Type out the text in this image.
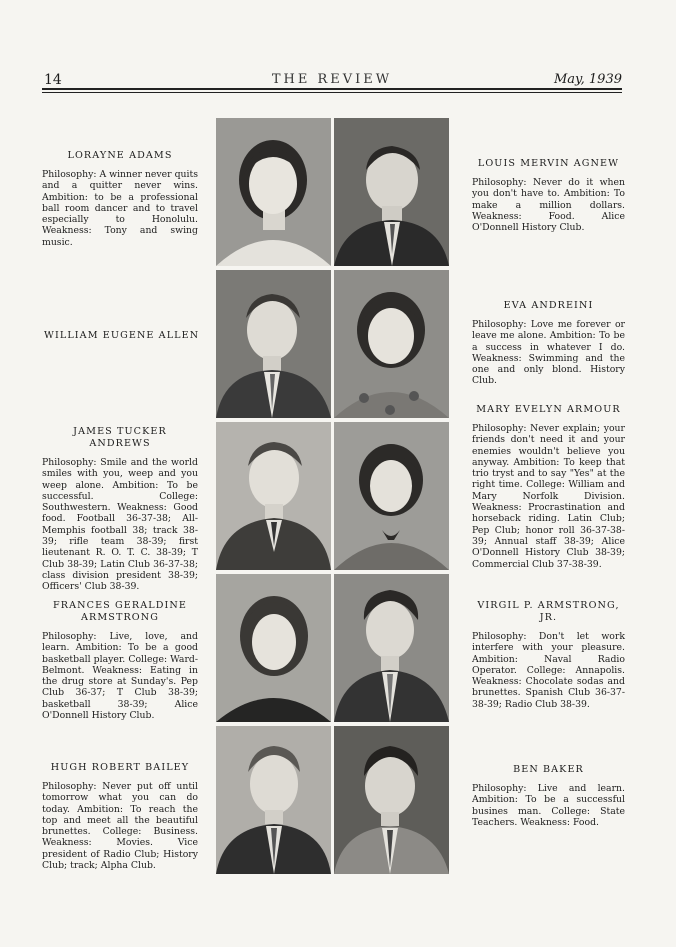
14	THE REVIEW	May, 1939
LORAYNE ADAMS

Philosophy: A winner never quits and a quitter never wins. Ambition: to be a professional ball room dancer and to travel especially to Honolulu. Weakness: Tony and swing music.

LOUIS MERVIN AGNEW

Philosophy: Never do it when you don't have to. Ambition: To make a million dollars. Weakness: Food. Alice O'Donnell History Club.

WILLIAM EUGENE ALLEN
EVA ANDREINI

Philosophy: Love me forever or leave me alone. Ambition: To be a success in whatever I do. Weakness: Swimming and the one and only blond. History Club.

JAMES TUCKER ANDREWS

Philosophy: Smile and the world smiles with you, weep and you weep alone. Ambition: To be successful. College: Southwestern. Weakness: Good food. Football 36-37-38; All-Memphis football 38; track 38-39; rifle team 38-39; first lieutenant R. O. T. C. 38-39; T Club 38-39; Latin Club 36-37-38; class division president 38-39; Officers' Club 38-39.

MARY EVELYN ARMOUR

Philosophy: Never explain; your friends don't need it and your enemies wouldn't believe you anyway. Ambition: To keep that trio tryst and to say "Yes" at the right time. College: William and Mary Norfolk Division. Weakness: Procrastination and horseback riding. Latin Club; Pep Club; honor roll 36-37-38-39; Annual staff 38-39; Alice O'Donnell History Club 38-39; Commercial Club 37-38-39.

FRANCES GERALDINE ARMSTRONG

Philosophy: Live, love, and learn. Ambition: To be a good basketball player. College: Ward-Belmont. Weakness: Eating in the drug store at Sunday's. Pep Club 36-37; T Club 38-39; basketball 38-39; Alice O'Donnell History Club.

VIRGIL P. ARMSTRONG, JR.

Philosophy: Don't let work interfere with your pleasure. Ambition: Naval Radio Operator. College: Annapolis. Weakness: Chocolate sodas and brunettes. Spanish Club 36-37-38-39; Radio Club 38-39.

HUGH ROBERT BAILEY

Philosophy: Never put off until tomorrow what you can do today. Ambition: To reach the top and meet all the beautiful brunettes. College: Business. Weakness: Movies. Vice president of Radio Club; History Club; track; Alpha Club.

BEN BAKER

Philosophy: Live and learn. Ambition: To be a successful busines man. College: State Teachers. Weakness: Food.
